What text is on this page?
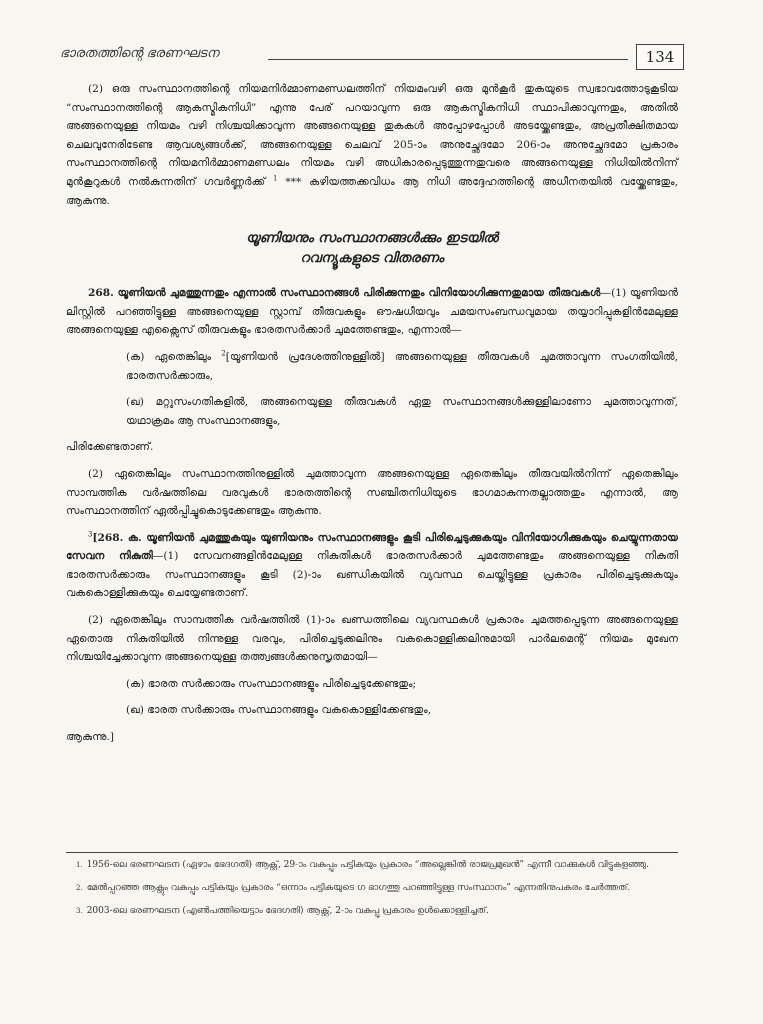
ഭാരതത്തിന്റെ ഭരണഘടന	134

(2) ഒരു സംസ്ഥാനത്തിന്റെ നിയമനിർമ്മാണമണ്ഡലത്തിന് നിയമംവഴി ഒരു മുൻകൂർ തുകയുടെ സ്വഭാവത്തോടുകൂടിയ “സംസ്ഥാനത്തിന്റെ ആകസ്മികനിധി” എന്നു പേര് പറയാവുന്ന ഒരു ആകസ്മികനിധി സ്ഥാപിക്കാവുന്നതും, അതിൽ അങ്ങനെയുള്ള നിയമം വഴി നിശ്ചയിക്കാവുന്ന അങ്ങനെയുള്ള തുകകൾ അപ്പോഴപ്പോൾ അടയ്ക്കേണ്ടതും, അപ്രതീക്ഷിതമായ ചെലവുനേരിടേണ്ട ആവശ്യങ്ങൾക്ക്, അങ്ങനെയുള്ള ചെലവ് 205-ാം അനുച്ഛേദമോ 206-ാം അനുച്ഛേദമോ പ്രകാരം സംസ്ഥാനത്തിന്റെ നിയമനിർമ്മാണമണ്ഡലം നിയമം വഴി അധികാരപ്പെടുത്തുന്നതുവരെ അങ്ങനെയുള്ള നിധിയിൽനിന്ന് മുൻകൂറുകൾ നൽകുന്നതിന് ഗവർണ്ണർക്ക് $^1$ *** കഴിയത്തക്കവിധം ആ നിധി അദ്ദേഹത്തിന്റെ അധീനതയിൽ വയ്ക്കേണ്ടതും, ആകുന്നു.

യൂണിയനും സംസ്ഥാനങ്ങൾക്കും ഇടയിൽ
റവന്യൂകളുടെ വിതരണം

268. യൂണിയൻ ചുമത്തുന്നതും എന്നാൽ സംസ്ഥാനങ്ങൾ പിരിക്കുന്നതും വിനിയോഗിക്കുന്നതുമായ തീരുവകൾ—(1) യൂണിയൻ ലിസ്റ്റിൽ പറഞ്ഞിട്ടുള്ള അങ്ങനെയുള്ള സ്റ്റാമ്പ് തീരുവകളും ഔഷധീയവും ചമയസംബന്ധവുമായ തയ്യാറിപ്പുകളിൻമേലുള്ള അങ്ങനെയുള്ള എക്സൈസ് തീരുവകളും ഭാരതസർക്കാർ ചുമത്തേണ്ടതും, എന്നാൽ—

(ക) ഏതെങ്കിലും $^2$[യൂണിയൻ പ്രദേശത്തിനുള്ളിൽ] അങ്ങനെയുള്ള തീരുവകൾ ചുമത്താവുന്ന സംഗതിയിൽ, ഭാരതസർക്കാരും,

(ഖ) മറ്റുസംഗതികളിൽ, അങ്ങനെയുള്ള തീരുവകൾ ഏതു സംസ്ഥാനങ്ങൾക്കുള്ളിലാണോ ചുമത്താവുന്നത്, യഥാക്രമം ആ സംസ്ഥാനങ്ങളും,

പിരിക്കേണ്ടതാണ്.

(2) ഏതെങ്കിലും സംസ്ഥാനത്തിനുള്ളിൽ ചുമത്താവുന്ന അങ്ങനെയുള്ള ഏതെങ്കിലും തീരുവയിൽനിന്ന് ഏതെങ്കിലും സാമ്പത്തിക വർഷത്തിലെ വരവുകൾ ഭാരതത്തിന്റെ സഞ്ചിതനിധിയുടെ ഭാഗമാകുന്നതല്ലാത്തതും എന്നാൽ, ആ സംസ്ഥാനത്തിന് ഏൽപ്പിച്ചുകൊടുക്കേണ്ടതും ആകുന്നു.

$^3$[268. ക. യൂണിയൻ ചുമത്തുകയും യൂണിയനും സംസ്ഥാനങ്ങളും കൂടി പിരിച്ചെടുക്കുകയും വിനിയോഗിക്കുകയും ചെയ്യുന്നതായ സേവന നികുതി—(1) സേവനങ്ങളിൻമേലുള്ള നികുതികൾ ഭാരതസർക്കാർ ചുമത്തേണ്ടതും അങ്ങനെയുള്ള നികുതി ഭാരതസർക്കാരും സംസ്ഥാനങ്ങളും കൂടി (2)-ാം ഖണ്ഡികയിൽ വ്യവസ്ഥ ചെയ്തിട്ടുള്ള പ്രകാരം പിരിച്ചെടുക്കുകയും വകകൊള്ളിക്കുകയും ചെയ്യേണ്ടതാണ്.

(2) ഏതെങ്കിലും സാമ്പത്തിക വർഷത്തിൽ (1)-ാം ഖണ്ഡത്തിലെ വ്യവസ്ഥകൾ പ്രകാരം ചുമത്തപ്പെടുന്ന അങ്ങനെയുള്ള ഏതൊരു നികുതിയിൽ നിന്നുള്ള വരവും, പിരിച്ചെടുക്കലിനും വകകൊള്ളിക്കലിനുമായി പാർലമെന്റ് നിയമം മുഖേന നിശ്ചയിച്ചേക്കാവുന്ന അങ്ങനെയുള്ള തത്ത്വങ്ങൾക്കനുസൃതമായി—

(ക) ഭാരത സർക്കാരും സംസ്ഥാനങ്ങളും പിരിച്ചെടുക്കേണ്ടതും;

(ഖ) ഭാരത സർക്കാരും സംസ്ഥാനങ്ങളും വകകൊള്ളിക്കേണ്ടതും,

ആകുന്നു.]

$^{1.}$ 1956-ലെ ഭരണഘടന (ഏഴാം ഭേദഗതി) ആക്റ്റ്, 29-ാം വകുപ്പും പട്ടികയും പ്രകാരം “അല്ലെങ്കിൽ രാജപ്രമുഖൻ” എന്നീ വാക്കുകൾ വിട്ടുകളഞ്ഞു.

$^{2.}$ മേൽപ്പറഞ്ഞ ആക്റ്റും വകുപ്പും പട്ടികയും പ്രകാരം “ഒന്നാം പട്ടികയുടെ ഗ ഭാഗത്തു പറഞ്ഞിട്ടുള്ള സംസ്ഥാനം” എന്നതിനുപകരം ചേർത്തത്.

$^{3.}$ 2003-ലെ ഭരണഘടന (എൺപത്തിയെട്ടാം ഭേദഗതി) ആക്റ്റ്, 2-ാം വകുപ്പു പ്രകാരം ഉൾക്കൊള്ളിച്ചത്.
